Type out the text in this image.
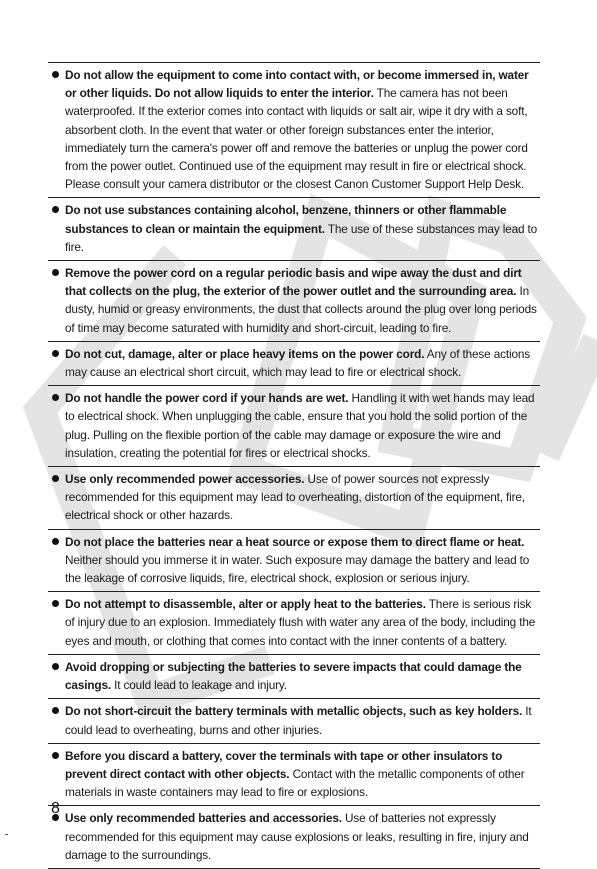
Do not allow the equipment to come into contact with, or become immersed in, water or other liquids. Do not allow liquids to enter the interior. The camera has not been waterproofed. If the exterior comes into contact with liquids or salt air, wipe it dry with a soft, absorbent cloth. In the event that water or other foreign substances enter the interior, immediately turn the camera's power off and remove the batteries or unplug the power cord from the power outlet. Continued use of the equipment may result in fire or electrical shock. Please consult your camera distributor or the closest Canon Customer Support Help Desk.
Do not use substances containing alcohol, benzene, thinners or other flammable substances to clean or maintain the equipment. The use of these substances may lead to fire.
Remove the power cord on a regular periodic basis and wipe away the dust and dirt that collects on the plug, the exterior of the power outlet and the surrounding area. In dusty, humid or greasy environments, the dust that collects around the plug over long periods of time may become saturated with humidity and short-circuit, leading to fire.
Do not cut, damage, alter or place heavy items on the power cord. Any of these actions may cause an electrical short circuit, which may lead to fire or electrical shock.
Do not handle the power cord if your hands are wet. Handling it with wet hands may lead to electrical shock. When unplugging the cable, ensure that you hold the solid portion of the plug. Pulling on the flexible portion of the cable may damage or exposure the wire and insulation, creating the potential for fires or electrical shocks.
Use only recommended power accessories. Use of power sources not expressly recommended for this equipment may lead to overheating, distortion of the equipment, fire, electrical shock or other hazards.
Do not place the batteries near a heat source or expose them to direct flame or heat. Neither should you immerse it in water. Such exposure may damage the battery and lead to the leakage of corrosive liquids, fire, electrical shock, explosion or serious injury.
Do not attempt to disassemble, alter or apply heat to the batteries. There is serious risk of injury due to an explosion. Immediately flush with water any area of the body, including the eyes and mouth, or clothing that comes into contact with the inner contents of a battery.
Avoid dropping or subjecting the batteries to severe impacts that could damage the casings. It could lead to leakage and injury.
Do not short-circuit the battery terminals with metallic objects, such as key holders. It could lead to overheating, burns and other injuries.
Before you discard a battery, cover the terminals with tape or other insulators to prevent direct contact with other objects. Contact with the metallic components of other materials in waste containers may lead to fire or explosions.
Use only recommended batteries and accessories. Use of batteries not expressly recommended for this equipment may cause explosions or leaks, resulting in fire, injury and damage to the surroundings.
8
